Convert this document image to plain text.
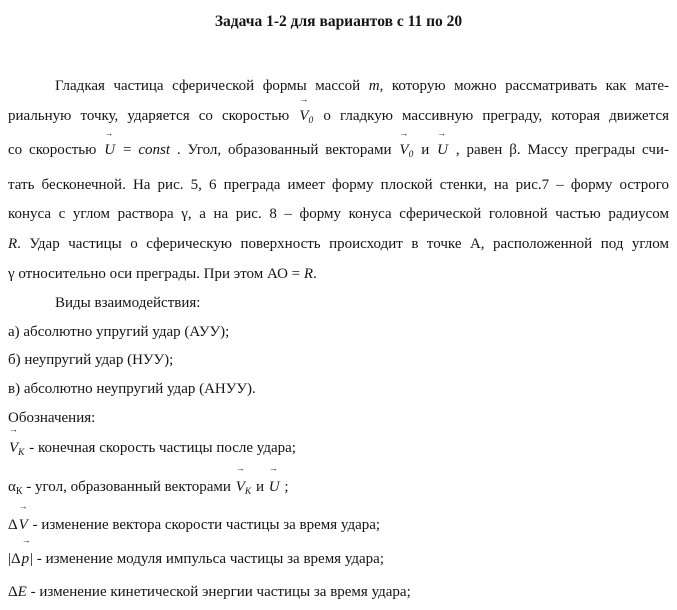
Задача 1-2 для вариантов с 11 по 20
Гладкая частица сферической формы массой m, которую можно рассматривать как мате-
риальную точку, ударяется со скоростью
→
$V_0$ о гладкую массивную преграду, которая движется
со скоростью
→
U = const . Угол, образованный векторами
→
$V_0$ и
→
U , равен β. Массу преграды счи-
тать бесконечной. На рис. 5, 6 преграда имеет форму плоской стенки, на рис.7 – форму острого
конуса с углом раствора γ, а на рис. 8 – форму конуса сферической головной частью радиусом
R. Удар частицы о сферическую поверхность происходит в точке А, расположенной под углом
γ относительно оси преграды. При этом АО = R.
Виды взаимодействия:
а) абсолютно упругий удар (АУУ);
б) неупругий удар (НУУ);
в) абсолютно неупругий удар (АНУУ).
Обозначения:
→
$V_К$ - конечная скорость частицы после удара;
$\alpha_К$ - угол, образованный векторами
→
$V_К$ и
→
U ;
Δ
→
V - изменение вектора скорости частицы за время удара;
|Δ
→
p| - изменение модуля импульса частицы за время удара;
ΔE - изменение кинетической энергии частицы за время удара;
